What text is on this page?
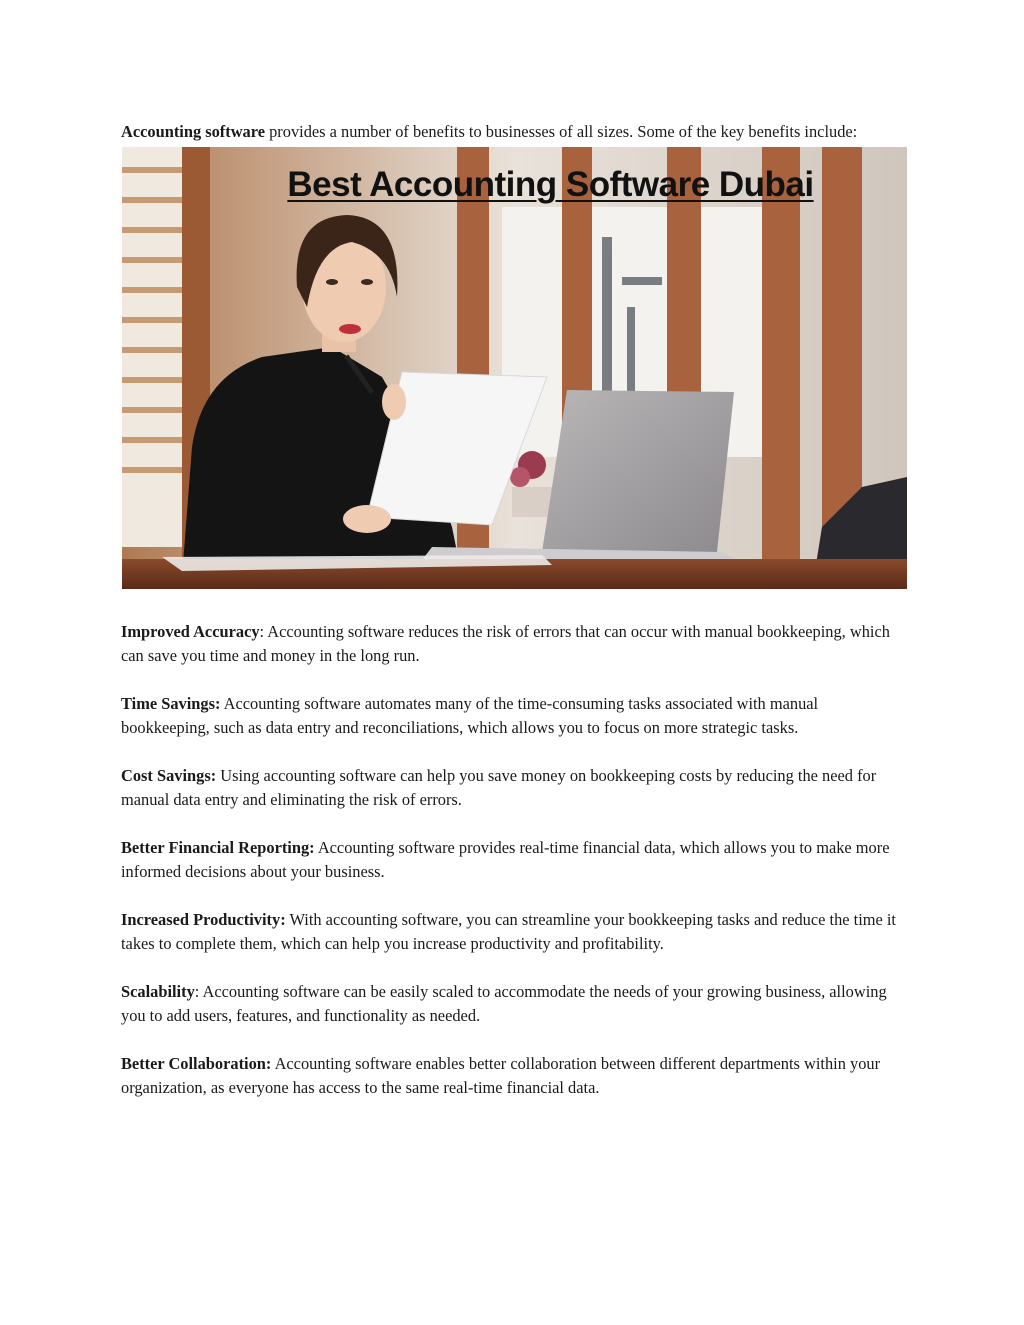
Accounting software provides a number of benefits to businesses of all sizes. Some of the key benefits include:

Best Accounting Software Dubai

Improved Accuracy: Accounting software reduces the risk of errors that can occur with manual bookkeeping, which can save you time and money in the long run.

Time Savings: Accounting software automates many of the time-consuming tasks associated with manual bookkeeping, such as data entry and reconciliations, which allows you to focus on more strategic tasks.

Cost Savings: Using accounting software can help you save money on bookkeeping costs by reducing the need for manual data entry and eliminating the risk of errors.

Better Financial Reporting: Accounting software provides real-time financial data, which allows you to make more informed decisions about your business.

Increased Productivity: With accounting software, you can streamline your bookkeeping tasks and reduce the time it takes to complete them, which can help you increase productivity and profitability.

Scalability: Accounting software can be easily scaled to accommodate the needs of your growing business, allowing you to add users, features, and functionality as needed.

Better Collaboration: Accounting software enables better collaboration between different departments within your organization, as everyone has access to the same real-time financial data.
